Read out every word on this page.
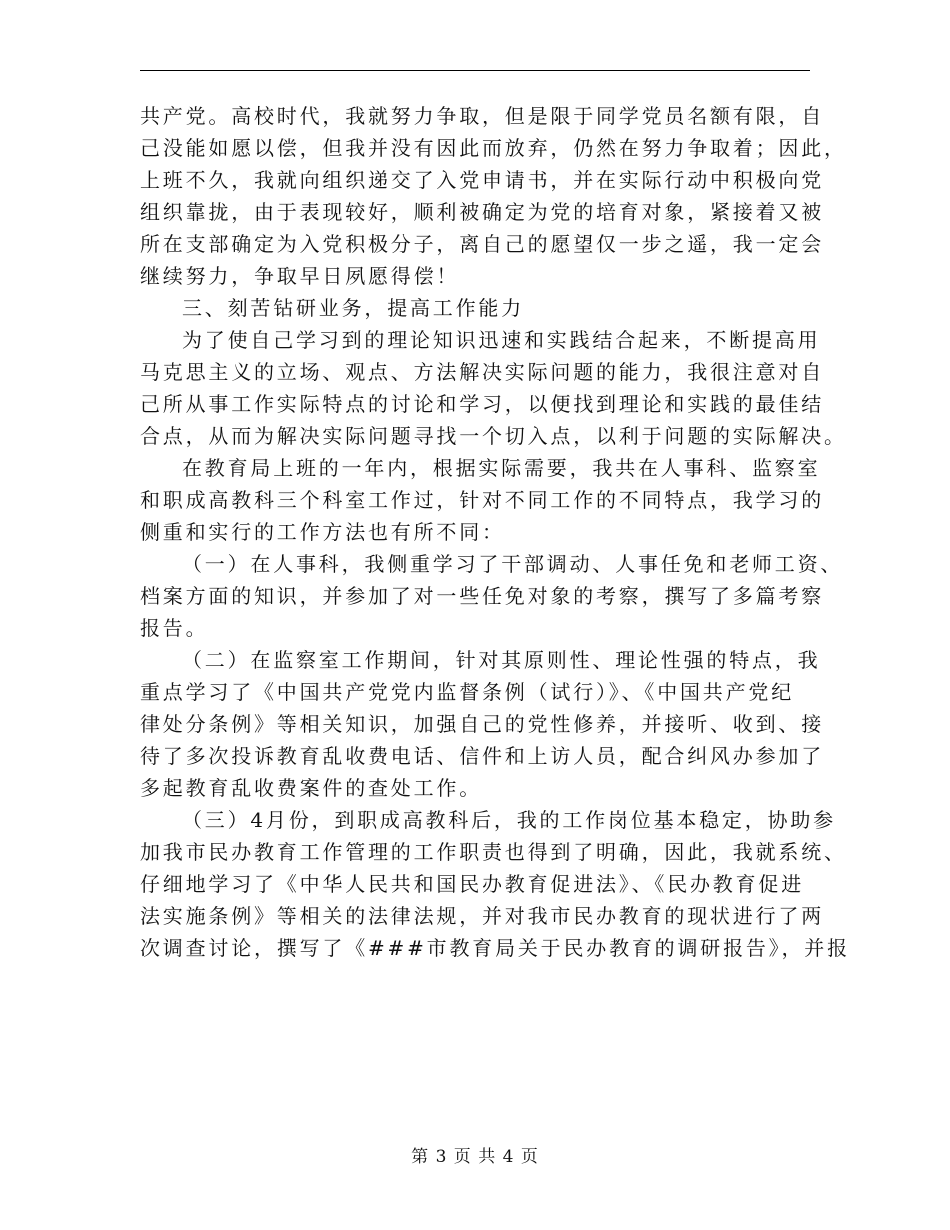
共产党。高校时代，我就努力争取，但是限于同学党员名额有限，自
己没能如愿以偿，但我并没有因此而放弃，仍然在努力争取着；因此，
上班不久，我就向组织递交了入党申请书，并在实际行动中积极向党
组织靠拢，由于表现较好，顺利被确定为党的培育对象，紧接着又被
所在支部确定为入党积极分子，离自己的愿望仅一步之遥，我一定会
继续努力，争取早日夙愿得偿！
三、刻苦钻研业务，提高工作能力
为了使自己学习到的理论知识迅速和实践结合起来，不断提高用
马克思主义的立场、观点、方法解决实际问题的能力，我很注意对自
己所从事工作实际特点的讨论和学习，以便找到理论和实践的最佳结
合点，从而为解决实际问题寻找一个切入点，以利于问题的实际解决。
在教育局上班的一年内，根据实际需要，我共在人事科、监察室
和职成高教科三个科室工作过，针对不同工作的不同特点，我学习的
侧重和实行的工作方法也有所不同：
（一）在人事科，我侧重学习了干部调动、人事任免和老师工资、
档案方面的知识，并参加了对一些任免对象的考察，撰写了多篇考察
报告。
（二）在监察室工作期间，针对其原则性、理论性强的特点，我
重点学习了《中国共产党党内监督条例（试行）》、《中国共产党纪
律处分条例》等相关知识，加强自己的党性修养，并接听、收到、接
待了多次投诉教育乱收费电话、信件和上访人员，配合纠风办参加了
多起教育乱收费案件的查处工作。
（三）4月份，到职成高教科后，我的工作岗位基本稳定，协助参
加我市民办教育工作管理的工作职责也得到了明确，因此，我就系统、
仔细地学习了《中华人民共和国民办教育促进法》、《民办教育促进
法实施条例》等相关的法律法规，并对我市民办教育的现状进行了两
次调查讨论，撰写了《###市教育局关于民办教育的调研报告》，并报
第 3 页 共 4 页
